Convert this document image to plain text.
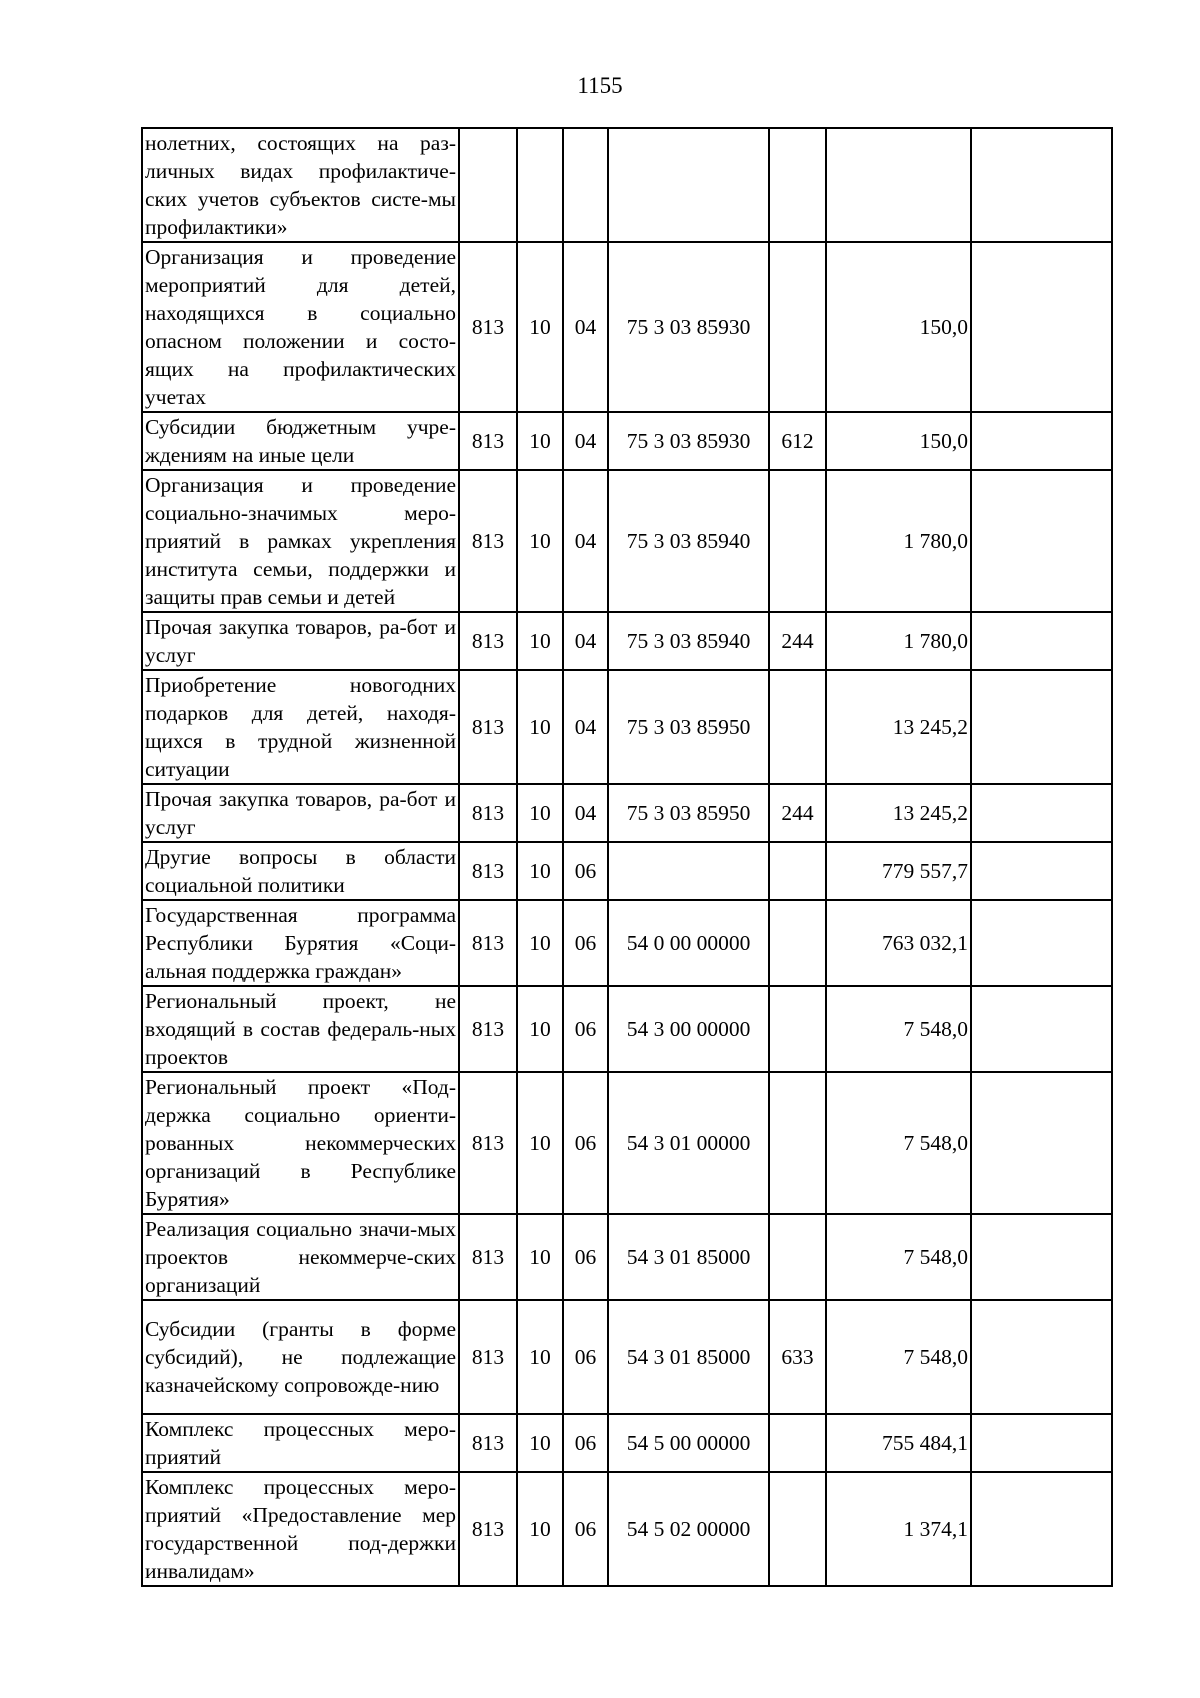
1155
нолетних, состоящих на раз-личных видах профилактиче-ских учетов субъектов систе-мы профилактики»							
Организация и проведение мероприятий для детей, находящихся в социально опасном положении и состо-ящих на профилактических учетах	813	10	04	75 3 03 85930		150,0	
Субсидии бюджетным учре-ждениям на иные цели	813	10	04	75 3 03 85930	612	150,0	
Организация и проведение социально-значимых меро-приятий в рамках укрепления института семьи, поддержки и защиты прав семьи и детей	813	10	04	75 3 03 85940		1 780,0	
Прочая закупка товаров, ра-бот и услуг	813	10	04	75 3 03 85940	244	1 780,0	
Приобретение новогодних подарков для детей, находя-щихся в трудной жизненной ситуации	813	10	04	75 3 03 85950		13 245,2	
Прочая закупка товаров, ра-бот и услуг	813	10	04	75 3 03 85950	244	13 245,2	
Другие вопросы в области социальной политики	813	10	06			779 557,7	
Государственная программа Республики Бурятия «Соци-альная поддержка граждан»	813	10	06	54 0 00 00000		763 032,1	
Региональный проект, не входящий в состав федераль-ных проектов	813	10	06	54 3 00 00000		7 548,0	
Региональный проект «Под-держка социально ориенти-рованных некоммерческих организаций в Республике Бурятия»	813	10	06	54 3 01 00000		7 548,0	
Реализация социально значи-мых проектов некоммерче-ских организаций	813	10	06	54 3 01 85000		7 548,0	
Субсидии (гранты в форме субсидий), не подлежащие казначейскому сопровожде-нию	813	10	06	54 3 01 85000	633	7 548,0	
Комплекс процессных меро-приятий	813	10	06	54 5 00 00000		755 484,1	
Комплекс процессных меро-приятий «Предоставление мер государственной под-держки инвалидам»	813	10	06	54 5 02 00000		1 374,1	
